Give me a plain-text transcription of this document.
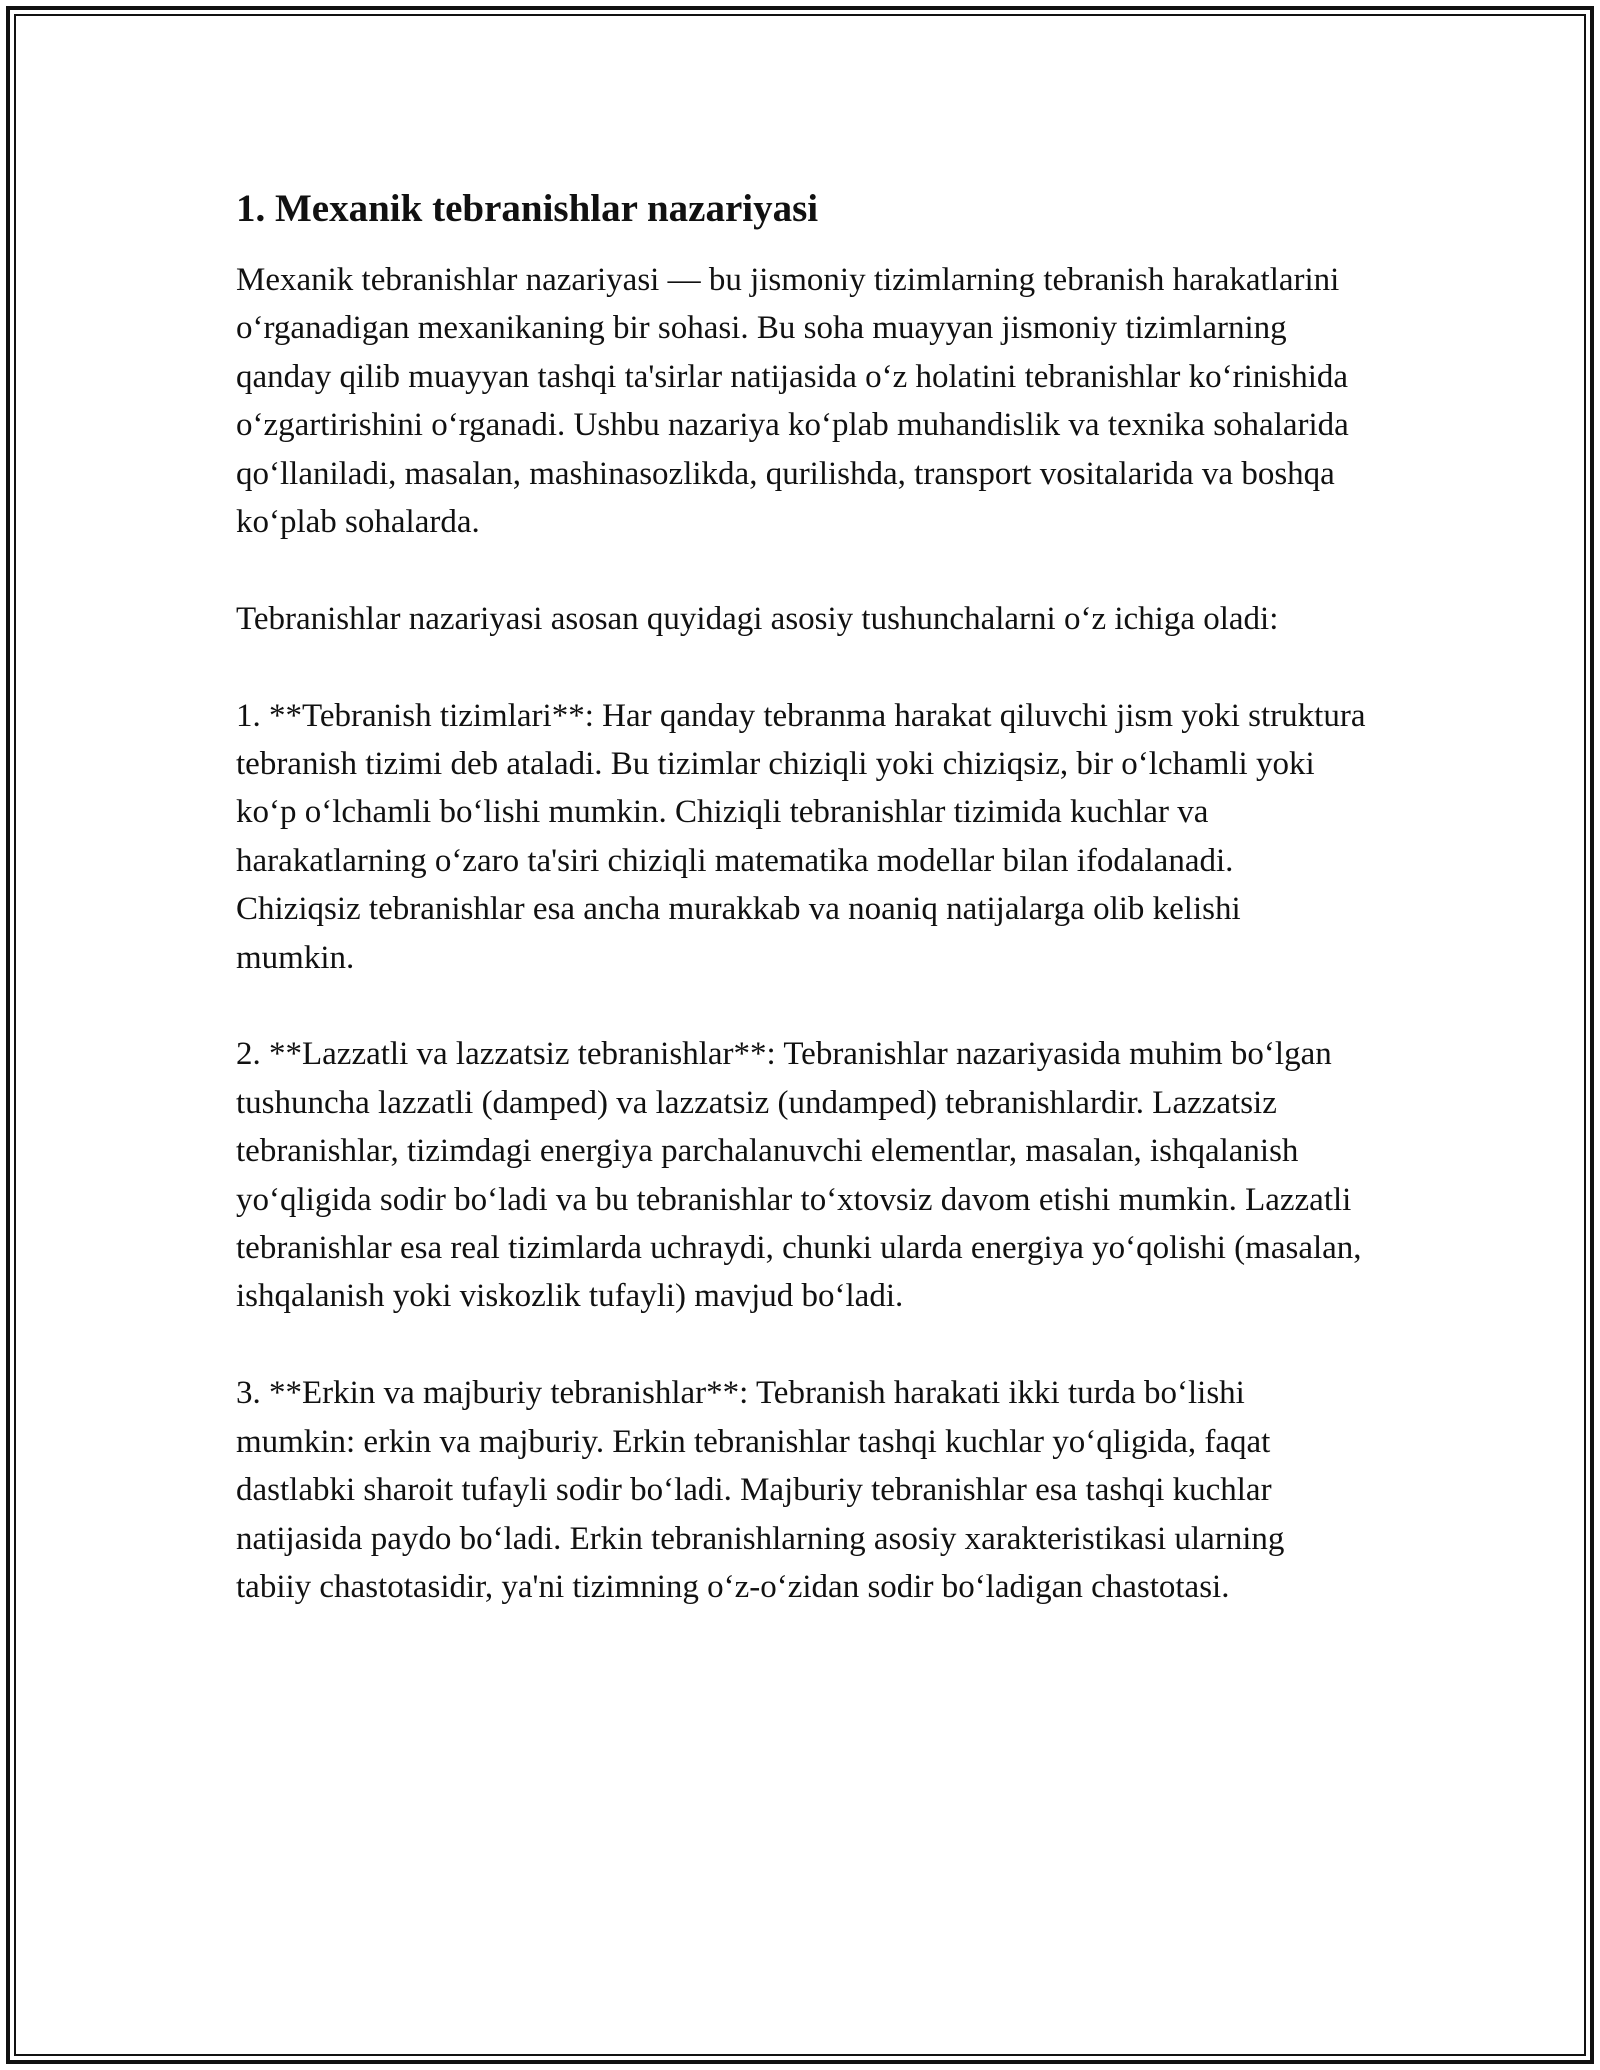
1. Mexanik tebranishlar nazariyasi

Mexanik tebranishlar nazariyasi — bu jismoniy tizimlarning tebranish harakatlarini o‘rganadigan mexanikaning bir sohasi. Bu soha muayyan jismoniy tizimlarning qanday qilib muayyan tashqi ta'sirlar natijasida o‘z holatini tebranishlar ko‘rinishida o‘zgartirishini o‘rganadi. Ushbu nazariya ko‘plab muhandislik va texnika sohalarida qo‘llaniladi, masalan, mashinasozlikda, qurilishda, transport vositalarida va boshqa ko‘plab sohalarda.

Tebranishlar nazariyasi asosan quyidagi asosiy tushunchalarni o‘z ichiga oladi:

1. **Tebranish tizimlari**: Har qanday tebranma harakat qiluvchi jism yoki struktura tebranish tizimi deb ataladi. Bu tizimlar chiziqli yoki chiziqsiz, bir o‘lchamli yoki ko‘p o‘lchamli bo‘lishi mumkin. Chiziqli tebranishlar tizimida kuchlar va harakatlarning o‘zaro ta'siri chiziqli matematika modellar bilan ifodalanadi. Chiziqsiz tebranishlar esa ancha murakkab va noaniq natijalarga olib kelishi mumkin.

2. **Lazzatli va lazzatsiz tebranishlar**: Tebranishlar nazariyasida muhim bo‘lgan tushuncha lazzatli (damped) va lazzatsiz (undamped) tebranishlardir. Lazzatsiz tebranishlar, tizimdagi energiya parchalanuvchi elementlar, masalan, ishqalanish yo‘qligida sodir bo‘ladi va bu tebranishlar to‘xtovsiz davom etishi mumkin. Lazzatli tebranishlar esa real tizimlarda uchraydi, chunki ularda energiya yo‘qolishi (masalan, ishqalanish yoki viskozlik tufayli) mavjud bo‘ladi.

3. **Erkin va majburiy tebranishlar**: Tebranish harakati ikki turda bo‘lishi mumkin: erkin va majburiy. Erkin tebranishlar tashqi kuchlar yo‘qligida, faqat dastlabki sharoit tufayli sodir bo‘ladi. Majburiy tebranishlar esa tashqi kuchlar natijasida paydo bo‘ladi. Erkin tebranishlarning asosiy xarakteristikasi ularning tabiiy chastotasidir, ya'ni tizimning o‘z-o‘zidan sodir bo‘ladigan chastotasi.
